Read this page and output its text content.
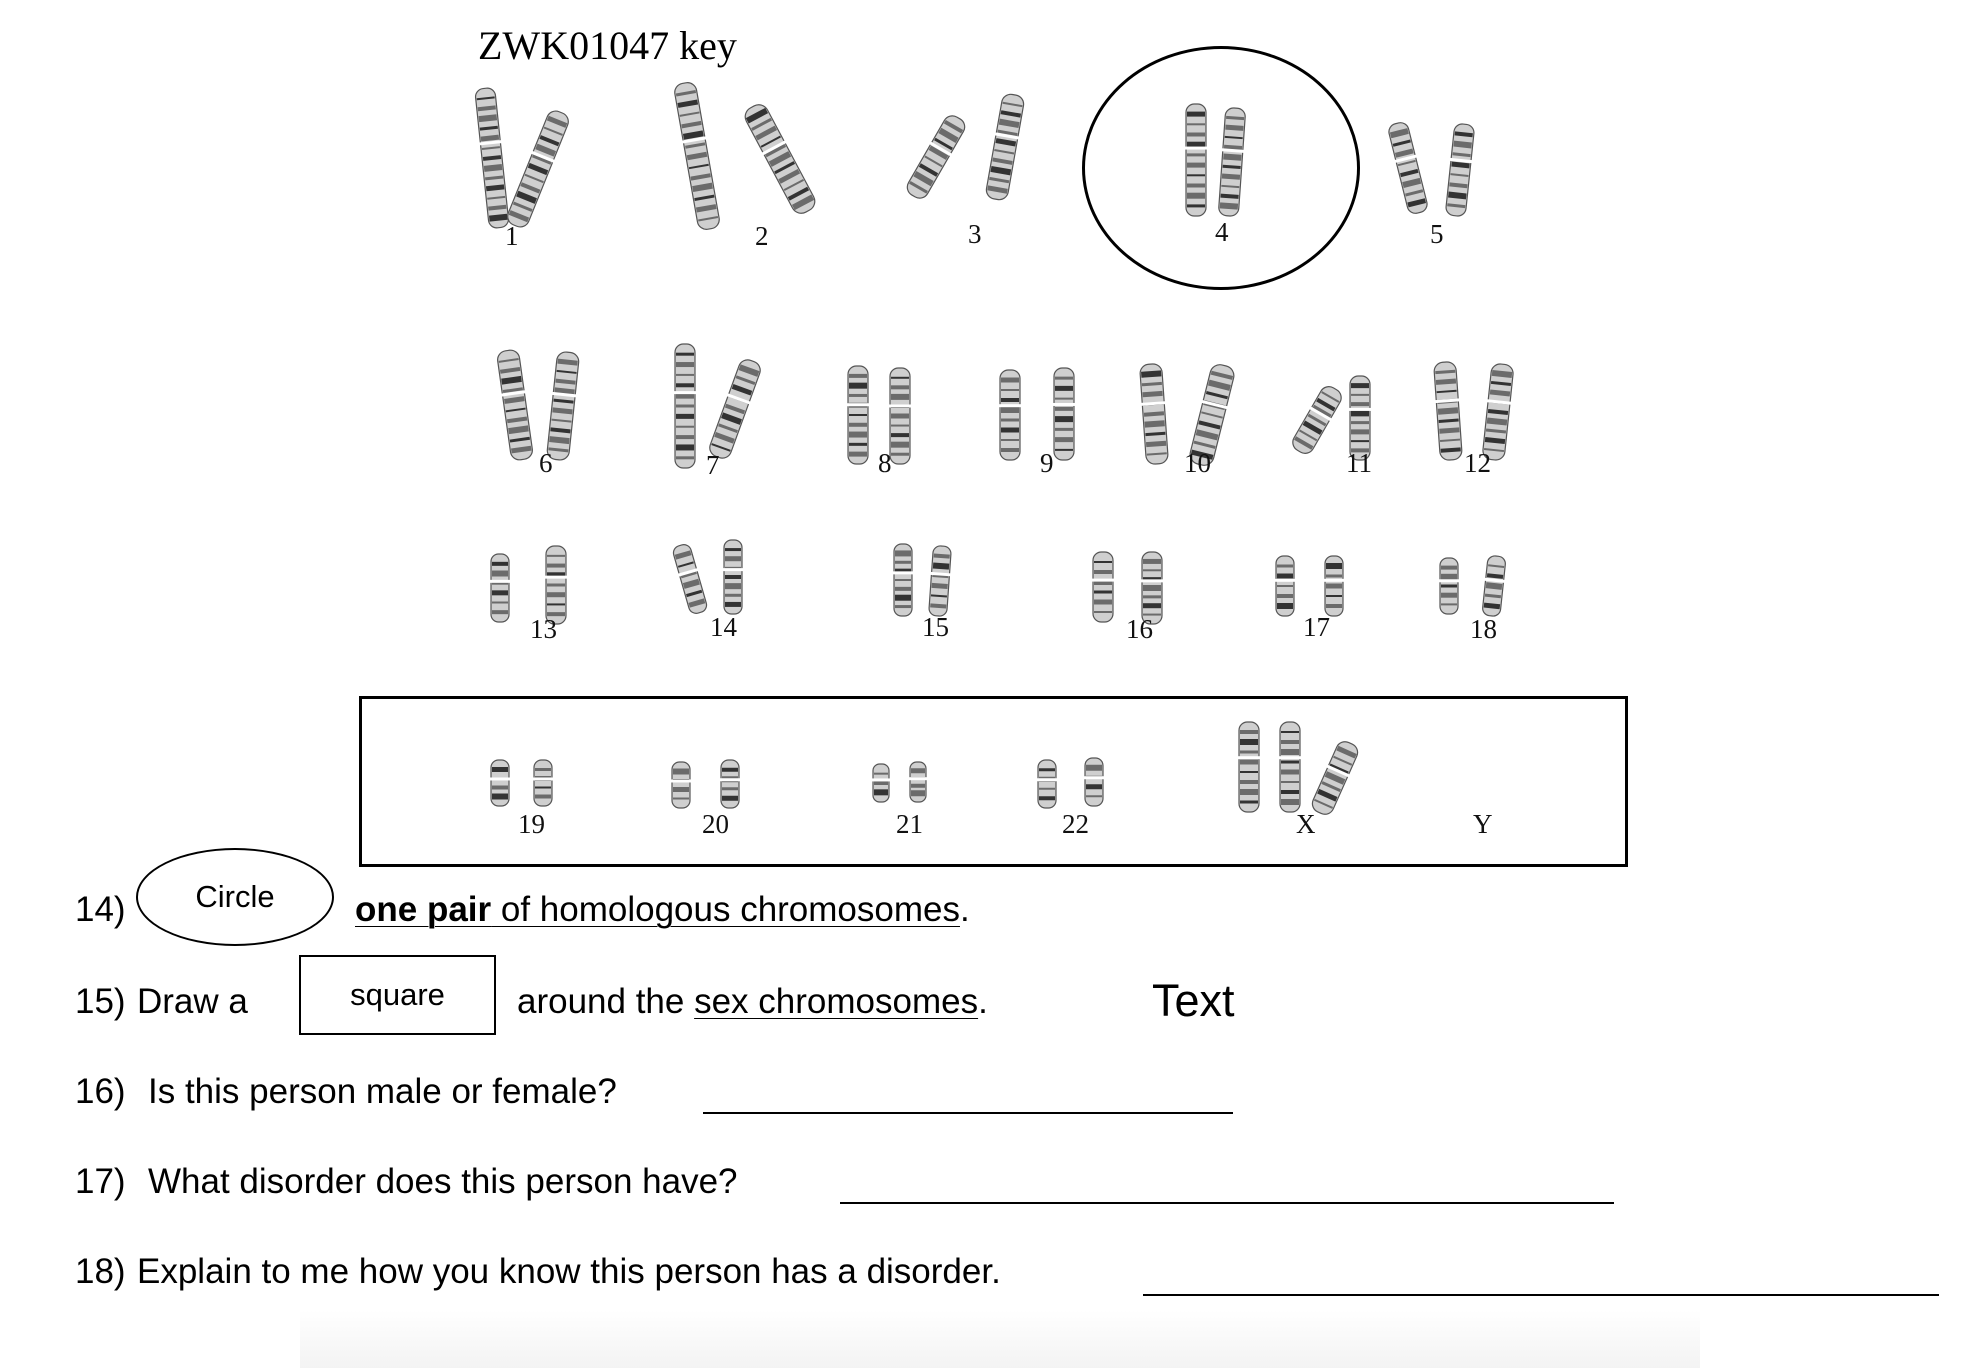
ZWK01047 key
1	2	3	4	5
6	7	8	9	10	11	12
13	14	15	16	17	18
19	20	21	22	X	Y
14) Circle one pair of homologous chromosomes.
15) Draw a	square around the sex chromosomes.	Text
16) Is this person male or female?
17) What disorder does this person have?
18) Explain to me how you know this person has a disorder.
